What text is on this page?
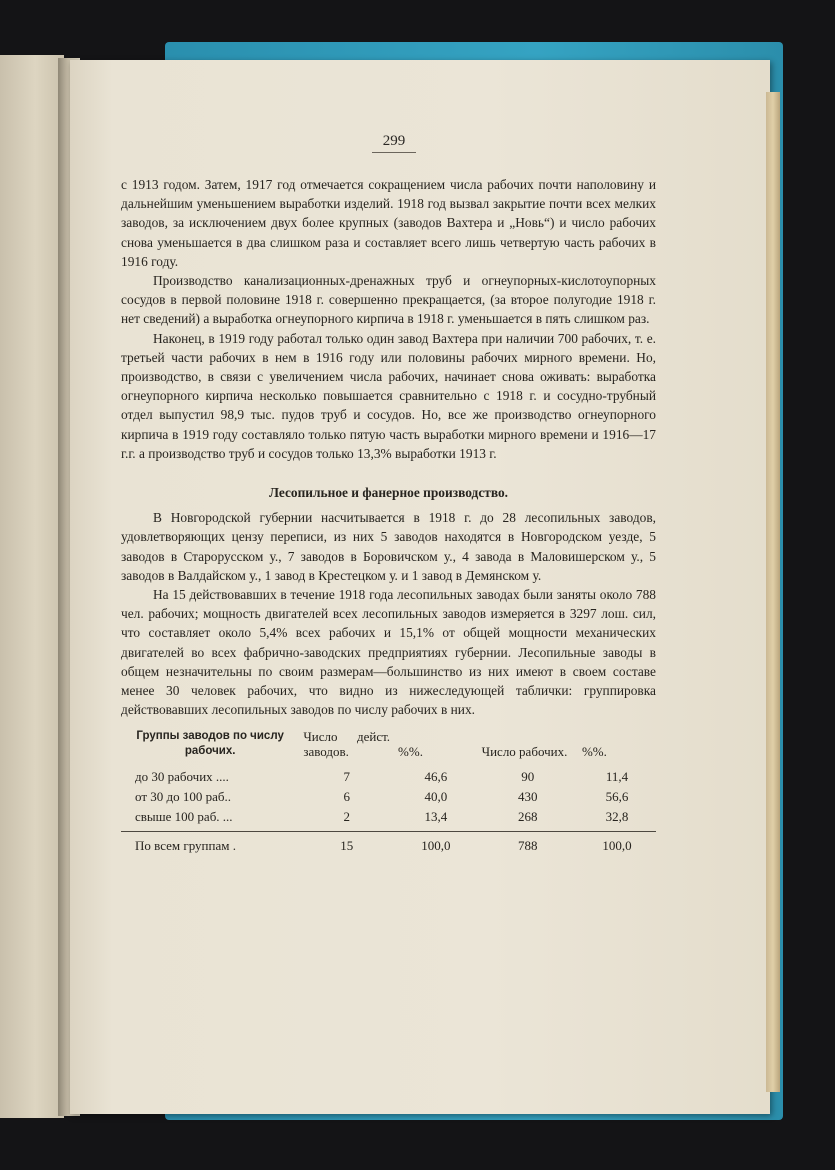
299

с 1913 годом. Затем, 1917 год отмечается сокращением числа рабочих почти наполовину и дальнейшим уменьшением выработки изделий. 1918 год вызвал закрытие почти всех мелких заводов, за исключением двух более крупных (заводов Вахтера и „Новь“) и число рабочих снова уменьшается в два слишком раза и составляет всего лишь четвертую часть рабочих в 1916 году.

Производство канализационных-дренажных труб и огнеупорных-кислотоупорных сосудов в первой половине 1918 г. совершенно прекращается, (за второе полугодие 1918 г. нет сведений) а выработка огнеупорного кирпича в 1918 г. уменьшается в пять слишком раз.

Наконец, в 1919 году работал только один завод Вахтера при наличии 700 рабочих, т. е. третьей части рабочих в нем в 1916 году или половины рабочих мирного времени. Но, производство, в связи с увеличением числа рабочих, начинает снова оживать: выработка огнеупорного кирпича несколько повышается сравнительно с 1918 г. и сосудно-трубный отдел выпустил 98,9 тыс. пудов труб и сосудов. Но, все же производство огнеупорного кирпича в 1919 году составляло только пятую часть выработки мирного времени и 1916—17 г.г. а производство труб и сосудов только 13,3% выработки 1913 г.

Лесопильное и фанерное производство.

В Новгородской губернии насчитывается в 1918 г. до 28 лесопильных заводов, удовлетворяющих цензу переписи, из них 5 заводов находятся в Новгородском уезде, 5 заводов в Старорусском у., 7 заводов в Боровичском у., 4 завода в Маловишерском у., 5 заводов в Валдайском у., 1 завод в Крестецком у. и 1 завод в Демянском у.

На 15 действовавших в течение 1918 года лесопильных заводах были заняты около 788 чел. рабочих; мощность двигателей всех лесопильных заводов измеряется в 3297 лош. сил, что составляет около 5,4% всех рабочих и 15,1% от общей мощности механических двигателей во всех фабрично-заводских предприятиях губернии. Лесопильные заводы в общем незначительны по своим размерам—большинство из них имеют в своем составе менее 30 человек рабочих, что видно из нижеследующей таблички: группировка действовавших лесопильных заводов по числу рабочих в них.

Группы заводов по числу рабочих.	Число дейст. заводов.	%%.	Число рабочих.	%%.
до 30 рабочих ....	7	46,6	90	11,4
от 30 до 100 раб..	6	40,0	430	56,6
свыше 100 раб. ...	2	13,4	268	32,8
По всем группам .	15	100,0	788	100,0
